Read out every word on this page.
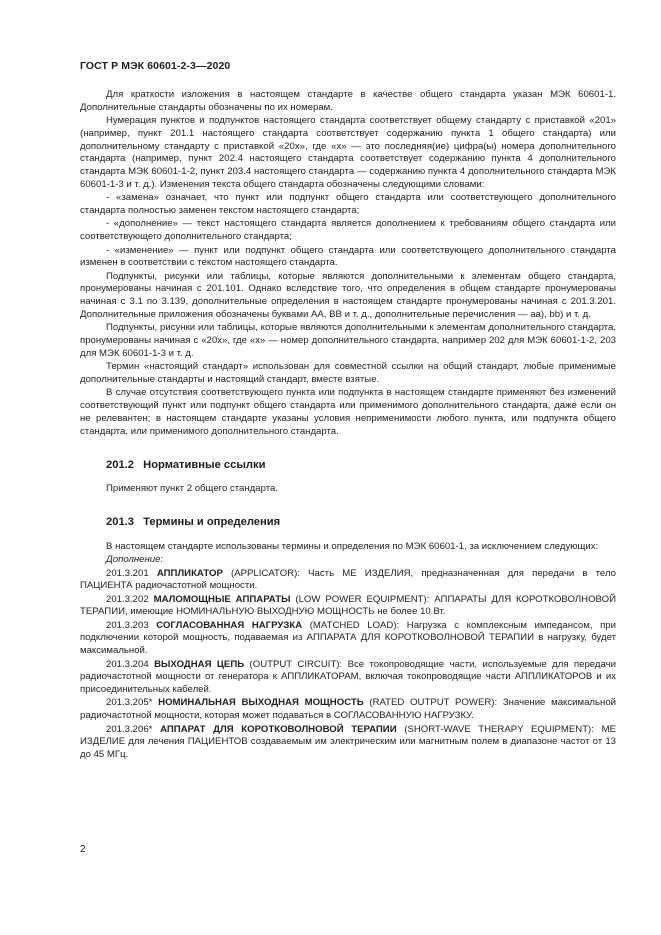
ГОСТ Р МЭК 60601-2-3—2020

Для краткости изложения в настоящем стандарте в качестве общего стандарта указан МЭК 60601-1. Дополнительные стандарты обозначены по их номерам.

Нумерация пунктов и подпунктов настоящего стандарта соответствует общему стандарту с приставкой «201» (например, пункт 201.1 настоящего стандарта соответствует содержанию пункта 1 общего стандарта) или дополнительному стандарту с приставкой «20x», где «x» — это последняя(ие) цифра(ы) номера дополнительного стандарта (например, пункт 202.4 настоящего стандарта соответствует содержанию пункта 4 дополнительного стандарта МЭК 60601-1-2, пункт 203.4 настоящего стандарта — содержанию пункта 4 дополнительного стандарта МЭК 60601-1-3 и т. д.). Изменения текста общего стандарта обозначены следующими словами:

- «замена» означает, что пункт или подпункт общего стандарта или соответствующего дополнительного стандарта полностью заменен текстом настоящего стандарта;

- «дополнение» — текст настоящего стандарта является дополнением к требованиям общего стандарта или соответствующего дополнительного стандарта;

- «изменение» — пункт или подпункт общего стандарта или соответствующего дополнительного стандарта изменен в соответствии с текстом настоящего стандарта.

Подпункты, рисунки или таблицы, которые являются дополнительными к элементам общего стандарта, пронумерованы начиная с 201.101. Однако вследствие того, что определения в общем стандарте пронумерованы начиная с 3.1 по 3.139, дополнительные определения в настоящем стандарте пронумерованы начиная с 201.3.201. Дополнительные приложения обозначены буквами АА, ВВ и т. д., дополнительные перечисления — aa), bb) и т. д.

Подпункты, рисунки или таблицы, которые являются дополнительными к элементам дополнительного стандарта, пронумерованы начиная с «20x», где «x» — номер дополнительного стандарта, например 202 для МЭК 60601-1-2, 203 для МЭК 60601-1-3 и т. д.

Термин «настоящий стандарт» использован для совместной ссылки на общий стандарт, любые применимые дополнительные стандарты и настоящий стандарт, вместе взятые.

В случае отсутствия соответствующего пункта или подпункта в настоящем стандарте применяют без изменений соответствующий пункт или подпункт общего стандарта или применимого дополнительного стандарта, даже если он не релевантен; в настоящем стандарте указаны условия неприменимости любого пункта, или подпункта общего стандарта, или применимого дополнительного стандарта.

201.2 Нормативные ссылки

Применяют пункт 2 общего стандарта.

201.3 Термины и определения

В настоящем стандарте использованы термины и определения по МЭК 60601-1, за исключением следующих:

Дополнение:

201.3.201 АППЛИКАТОР (APPLICATOR): Часть МЕ ИЗДЕЛИЯ, предназначенная для передачи в тело ПАЦИЕНТА радиочастотной мощности.

201.3.202 МАЛОМОЩНЫЕ АППАРАТЫ (LOW POWER EQUIPMENT): АППАРАТЫ ДЛЯ КОРОТКОВОЛНОВОЙ ТЕРАПИИ, имеющие НОМИНАЛЬНУЮ ВЫХОДНУЮ МОЩНОСТЬ не более 10 Вт.

201.3.203 СОГЛАСОВАННАЯ НАГРУЗКА (MATCHED LOAD): Нагрузка с комплексным импедансом, при подключении которой мощность, подаваемая из АППАРАТА ДЛЯ КОРОТКОВОЛНОВОЙ ТЕРАПИИ в нагрузку, будет максимальной.

201.3.204 ВЫХОДНАЯ ЦЕПЬ (OUTPUT CIRCUIT): Все токопроводящие части, используемые для передачи радиочастотной мощности от генератора к АППЛИКАТОРАМ, включая токопроводящие части АППЛИКАТОРОВ и их присоединительных кабелей.

201.3.205* НОМИНАЛЬНАЯ ВЫХОДНАЯ МОЩНОСТЬ (RATED OUTPUT POWER): Значение максимальной радиочастотной мощности, которая может подаваться в СОГЛАСОВАННУЮ НАГРУЗКУ.

201.3.206* АППАРАТ ДЛЯ КОРОТКОВОЛНОВОЙ ТЕРАПИИ (SHORT-WAVE THERAPY EQUIPMENT): МЕ ИЗДЕЛИЕ для лечения ПАЦИЕНТОВ создаваемым им электрическим или магнитным полем в диапазоне частот от 13 до 45 МГц.

2
